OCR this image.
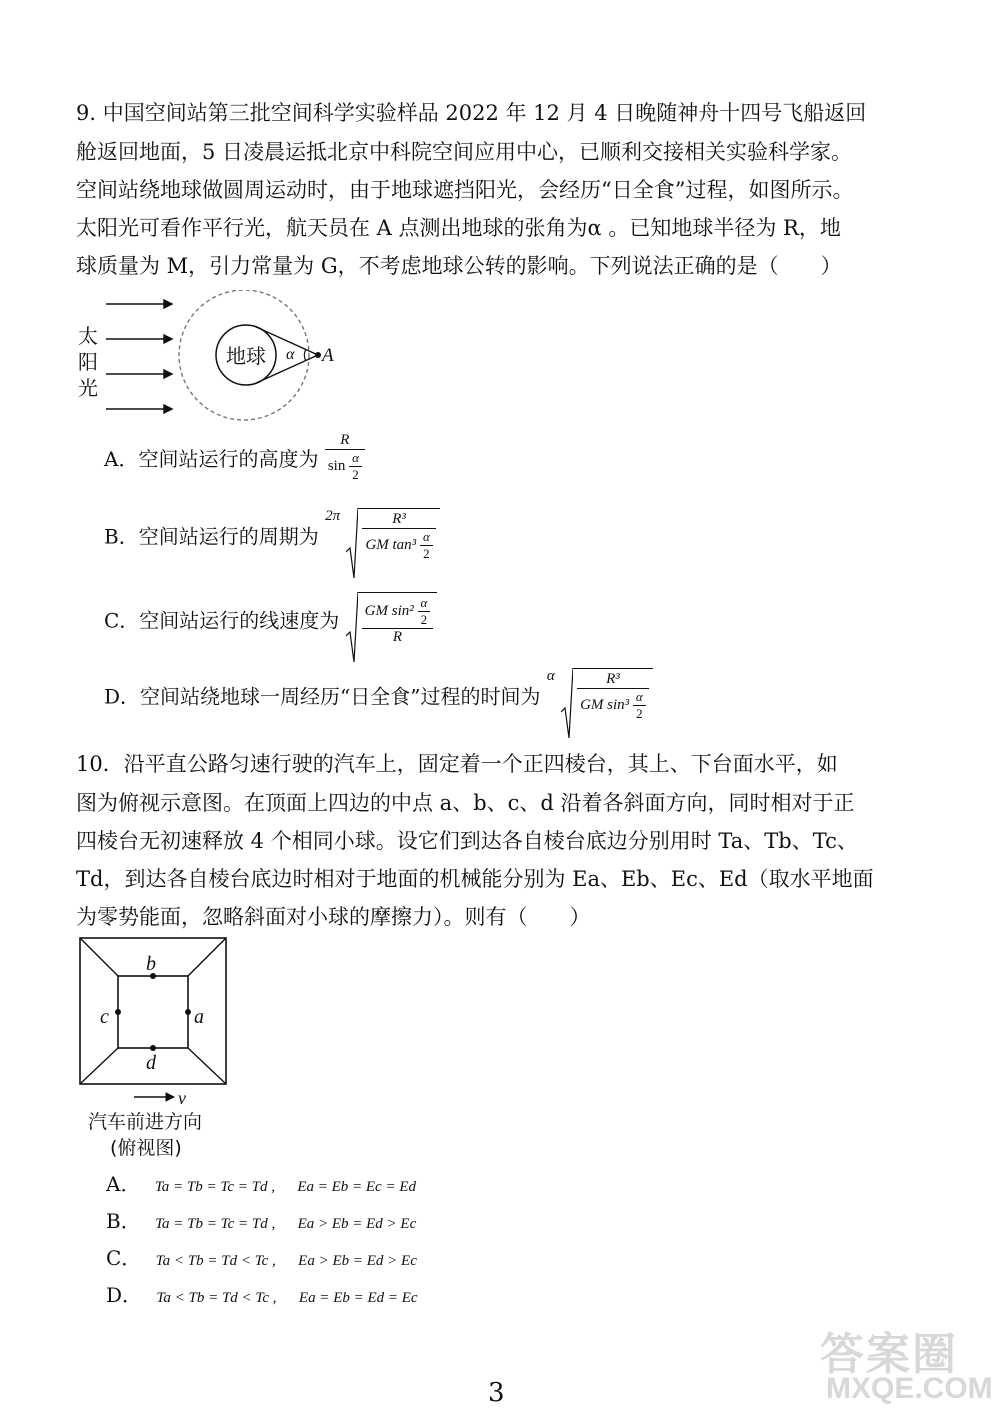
9. 中国空间站第三批空间科学实验样品 2022 年 12 月 4 日晚随神舟十四号飞船返回
舱返回地面，5 日凌晨运抵北京中科院空间应用中心，已顺利交接相关实验科学家。
空间站绕地球做圆周运动时，由于地球遮挡阳光，会经历“日全食”过程，如图所示。
太阳光可看作平行光，航天员在 A 点测出地球的张角为α 。已知地球半径为 R，地
球质量为 M，引力常量为 G，不考虑地球公转的影响。下列说法正确的是（　　）
太
阳
光
地球 α A
A．空间站运行的高度为 $\frac{R}{\sin \frac{\alpha}{2}}$
B．空间站运行的周期为 $^{2\pi} \frac{\text{R³}}{GM \tan^3 \frac{\alpha}{2}}$
C．空间站运行的线速度为 $\frac{GM \sin^2 \frac{\alpha}{2}}{R}$
D．空间站绕地球一周经历“日全食”过程的时间为 $^\alpha \frac{\text{R³}}{GM \sin^3 \frac{\alpha}{2}}$
10．沿平直公路匀速行驶的汽车上，固定着一个正四棱台，其上、下台面水平，如
图为俯视示意图。在顶面上四边的中点 a、b、c、d 沿着各斜面方向，同时相对于正
四棱台无初速释放 4 个相同小球。设它们到达各自棱台底边分别用时 Ta、Tb、Tc、
Td，到达各自棱台底边时相对于地面的机械能分别为 Ea、Eb、Ec、Ed（取水平地面
为零势能面，忽略斜面对小球的摩擦力）。则有（　　）
b
c	a
d
v
汽车前进方向
(俯视图)
A． Ta = Tb = Tc = Td , Ea = Eb = Ec = Ed
B． Ta = Tb = Tc = Td , Ea > Eb = Ed > Ec
C． Ta < Tb = Td < Tc , Ea > Eb = Ed > Ec
D． Ta < Tb = Td < Tc , Ea = Eb = Ed = Ec
答案圈
MXQE.COM
3
